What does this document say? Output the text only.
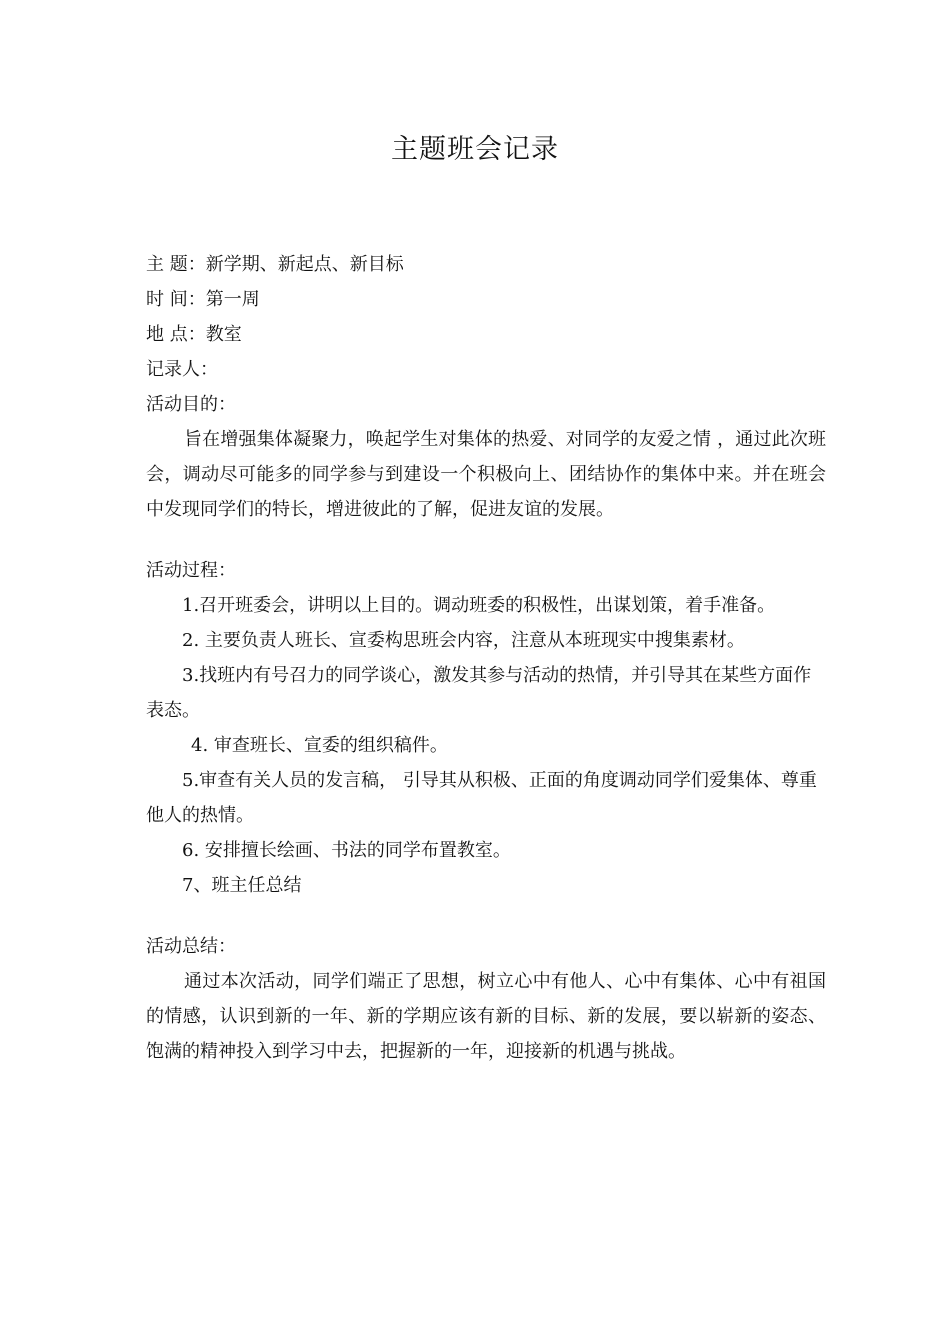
主题班会记录
主 题：新学期、新起点、新目标
时 间：第一周
地 点：教室
记录人：
活动目的：
旨在增强集体凝聚力，唤起学生对集体的热爱、对同学的友爱之情 ，通过此次班会，调动尽可能多的同学参与到建设一个积极向上、团结协作的集体中来。并在班会中发现同学们的特长，增进彼此的了解，促进友谊的发展。
活动过程：
1.召开班委会，讲明以上目的。调动班委的积极性，出谋划策，着手准备。
2. 主要负责人班长、宣委构思班会内容，注意从本班现实中搜集素材。
3.找班内有号召力的同学谈心，激发其参与活动的热情，并引导其在某些方面作表态。
4. 审查班长、宣委的组织稿件。
5.审查有关人员的发言稿， 引导其从积极、正面的角度调动同学们爱集体、尊重他人的热情。
6. 安排擅长绘画、书法的同学布置教室。
7、班主任总结
活动总结：
通过本次活动，同学们端正了思想，树立心中有他人、心中有集体、心中有祖国的情感，认识到新的一年、新的学期应该有新的目标、新的发展，要以崭新的姿态、饱满的精神投入到学习中去，把握新的一年，迎接新的机遇与挑战。
